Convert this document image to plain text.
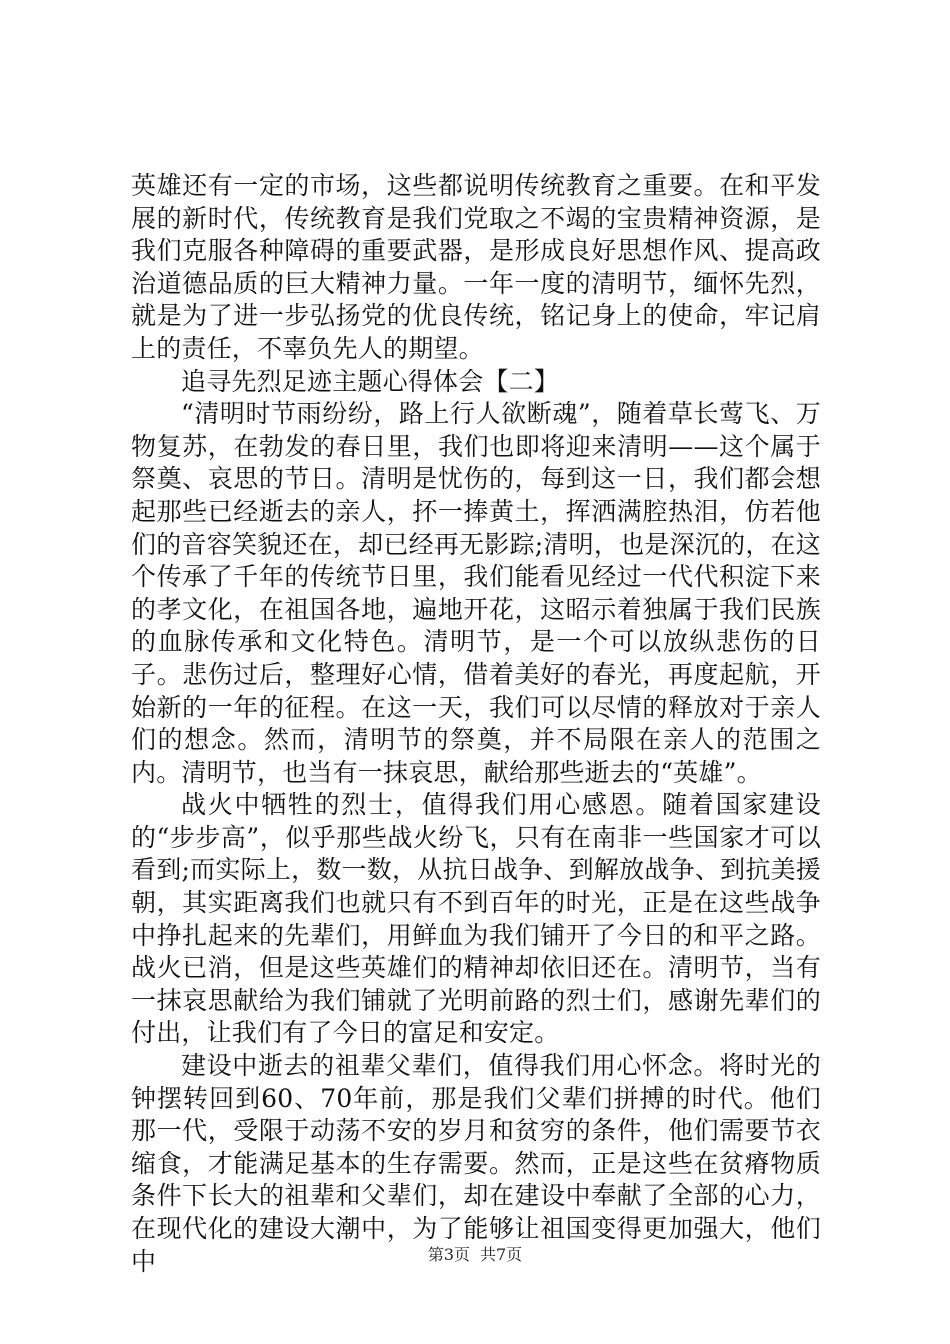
英雄还有一定的市场，这些都说明传统教育之重要。在和平发展的新时代，传统教育是我们党取之不竭的宝贵精神资源，是我们克服各种障碍的重要武器，是形成良好思想作风、提高政治道德品质的巨大精神力量。一年一度的清明节，缅怀先烈，就是为了进一步弘扬党的优良传统，铭记身上的使命，牢记肩上的责任，不辜负先人的期望。

追寻先烈足迹主题心得体会【二】

“清明时节雨纷纷，路上行人欲断魂”，随着草长莺飞、万物复苏，在勃发的春日里，我们也即将迎来清明——这个属于祭奠、哀思的节日。清明是忧伤的，每到这一日，我们都会想起那些已经逝去的亲人，抔一捧黄土，挥洒满腔热泪，仿若他们的音容笑貌还在，却已经再无影踪;清明，也是深沉的，在这个传承了千年的传统节日里，我们能看见经过一代代积淀下来的孝文化，在祖国各地，遍地开花，这昭示着独属于我们民族的血脉传承和文化特色。清明节，是一个可以放纵悲伤的日子。悲伤过后，整理好心情，借着美好的春光，再度起航，开始新的一年的征程。在这一天，我们可以尽情的释放对于亲人们的想念。然而，清明节的祭奠，并不局限在亲人的范围之内。清明节，也当有一抹哀思，献给那些逝去的“英雄”。

战火中牺牲的烈士，值得我们用心感恩。随着国家建设的“步步高”，似乎那些战火纷飞，只有在南非一些国家才可以看到;而实际上，数一数，从抗日战争、到解放战争、到抗美援朝，其实距离我们也就只有不到百年的时光，正是在这些战争中挣扎起来的先辈们，用鲜血为我们铺开了今日的和平之路。战火已消，但是这些英雄们的精神却依旧还在。清明节，当有一抹哀思献给为我们铺就了光明前路的烈士们，感谢先辈们的付出，让我们有了今日的富足和安定。

建设中逝去的祖辈父辈们，值得我们用心怀念。将时光的钟摆转回到60、70年前，那是我们父辈们拼搏的时代。他们那一代，受限于动荡不安的岁月和贫穷的条件，他们需要节衣缩食，才能满足基本的生存需要。然而，正是这些在贫瘠物质条件下长大的祖辈和父辈们，却在建设中奉献了全部的心力，在现代化的建设大潮中，为了能够让祖国变得更加强大，他们中	第3页 共7页
